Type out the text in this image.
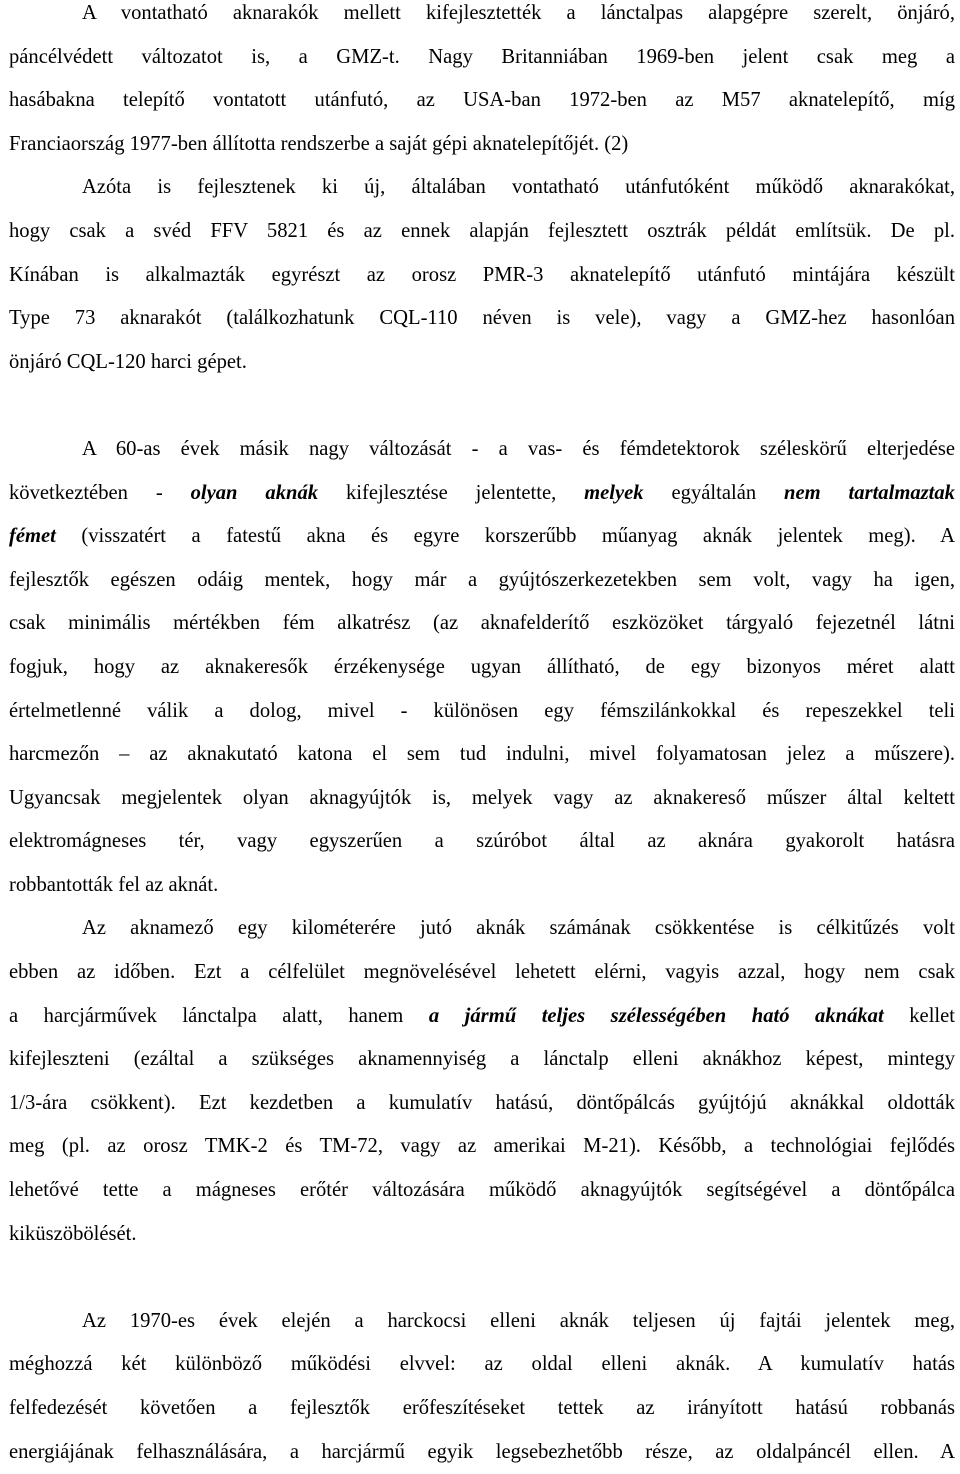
A vontatható aknarakók mellett kifejlesztették a lánctalpas alapgépre szerelt, önjáró,
páncélvédett változatot is, a GMZ-t. Nagy Britanniában 1969-ben jelent csak meg a
hasábakna telepítő vontatott utánfutó, az USA-ban 1972-ben az M57 aknatelepítő, míg
Franciaország 1977-ben állította rendszerbe a saját gépi aknatelepítőjét. (2)
Azóta is fejlesztenek ki új, általában vontatható utánfutóként működő aknarakókat,
hogy csak a svéd FFV 5821 és az ennek alapján fejlesztett osztrák példát említsük. De pl.
Kínában is alkalmazták egyrészt az orosz PMR-3 aknatelepítő utánfutó mintájára készült
Type 73 aknarakót (találkozhatunk CQL-110 néven is vele), vagy a GMZ-hez hasonlóan
önjáró CQL-120 harci gépet.
A 60-as évek másik nagy változását - a vas- és fémdetektorok széleskörű elterjedése
következtében - olyan aknák kifejlesztése jelentette, melyek egyáltalán nem tartalmaztak
fémet (visszatért a fatestű akna és egyre korszerűbb műanyag aknák jelentek meg). A
fejlesztők egészen odáig mentek, hogy már a gyújtószerkezetekben sem volt, vagy ha igen,
csak minimális mértékben fém alkatrész (az aknafelderítő eszközöket tárgyaló fejezetnél látni
fogjuk, hogy az aknakeresők érzékenysége ugyan állítható, de egy bizonyos méret alatt
értelmetlenné válik a dolog, mivel - különösen egy fémszilánkokkal és repeszekkel teli
harcmezőn – az aknakutató katona el sem tud indulni, mivel folyamatosan jelez a műszere).
Ugyancsak megjelentek olyan aknagyújtók is, melyek vagy az aknakereső műszer által keltett
elektromágneses tér, vagy egyszerűen a szúróbot által az aknára gyakorolt hatásra
robbantották fel az aknát.
Az aknamező egy kilométerére jutó aknák számának csökkentése is célkitűzés volt
ebben az időben. Ezt a célfelület megnövelésével lehetett elérni, vagyis azzal, hogy nem csak
a harcjárművek lánctalpa alatt, hanem a jármű teljes szélességében ható aknákat kellet
kifejleszteni (ezáltal a szükséges aknamennyiség a lánctalp elleni aknákhoz képest, mintegy
1/3-ára csökkent). Ezt kezdetben a kumulatív hatású, döntőpálcás gyújtójú aknákkal oldották
meg (pl. az orosz TMK-2 és TM-72, vagy az amerikai M-21). Később, a technológiai fejlődés
lehetővé tette a mágneses erőtér változására működő aknagyújtók segítségével a döntőpálca
kiküszöbölését.
Az 1970-es évek elején a harckocsi elleni aknák teljesen új fajtái jelentek meg,
méghozzá két különböző működési elvvel: az oldal elleni aknák. A kumulatív hatás
felfedezését követően a fejlesztők erőfeszítéseket tettek az irányított hatású robbanás
energiájának felhasználására, a harcjármű egyik legsebezhetőbb része, az oldalpáncél ellen. A
